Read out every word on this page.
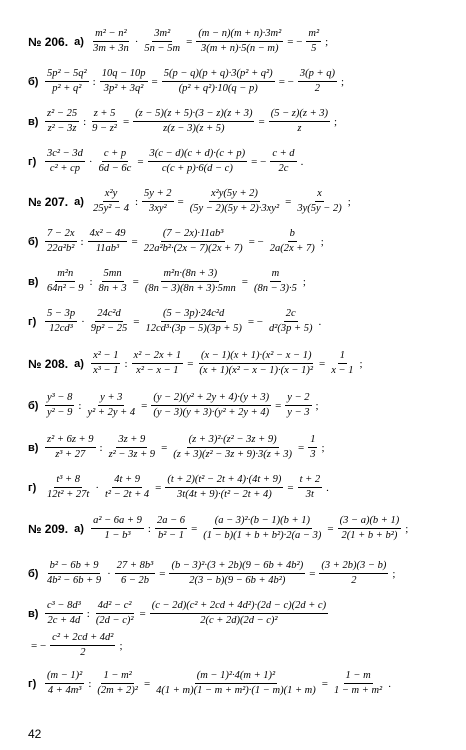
№ 206. $а) \frac{\text{m² − n²}}{3m + 3n} \cdot \frac{\text{3m²}}{5n - 5m} = \frac{\text{(m − n)(m + n)·3m²}}{3(m + n)\cdot 5(n - m)}$ = − $\frac{\text{m²}}{5}$ ;
$б) \frac{\text{5p² − 5q²}}{\text{p² + q²}}$ : $\frac{10q - 10p}{\text{3p² + 3q²}} = \frac{\text{5(p − q)(p + q)·3(p² + q²)}}{\text{(p² + q²)·10(q − p)}}$ = − $\frac{3(p + q)}{2}$ ;
$в) \frac{\text{z² − 25}}{\text{z² − 3z}}$ : $\frac{z + 5}{\text{9 − z²}} = \frac{(z - 5)(z + 5)\cdot(3 - z)(z + 3)}{z(z - 3)(z + 5)} = \frac{(5 - z)(z + 3)}{z}$ ;
$г) \frac{\text{3c² − 3d}}{\text{c² + cp}} \cdot \frac{c + p}{6d - 6c} = \frac{3(c - d)(c + d)\cdot(c + p)}{c(c + p)\cdot 6(d - c)}$ = − $\frac{c + d}{2c}$ .
№ 207. $а) \frac{\text{x²y}}{\text{25y² − 4}}$ : $\frac{5y + 2}{\text{3xy²}} = \frac{\text{x²y(5y + 2)}}{\text{(5y − 2)(5y + 2)·3xy²}} = \frac{x}{3y(5y - 2)}$ ;
$б) \frac{7 - 2x}{\text{22a²b²}}$ : $\frac{\text{4x² − 49}}{\text{11ab³}} = \frac{\text{(7 − 2x)·11ab³}}{\text{22a²b²·(2x − 7)(2x + 7)}}$ = − $\frac{b}{2a(2x + 7)}$ ;
$в) \frac{\text{m²n}}{\text{64n² − 9}}$ : $\frac{5mn}{8n + 3} = \frac{\text{m²n·(8n + 3)}}{(8n - 3)(8n + 3)\cdot 5mn} = \frac{m}{(8n - 3)\cdot 5}$ ;
$г) \frac{5 - 3p}{\text{12cd³}} \cdot \frac{\text{24c²d}}{\text{9p² − 25}} = \frac{\text{(5 − 3p)·24c²d}}{\text{12cd³·(3p − 5)(3p + 5)}}$ = − $\frac{2c}{\text{d²(3p + 5)}}$ .
№ 208. $а) \frac{\text{x² − 1}}{\text{x³ − 1}}$ : $\frac{\text{x² − 2x + 1}}{\text{x² − x − 1}} = \frac{\text{(x − 1)(x + 1)·(x² − x − 1)}}{\text{(x + 1)(x² − x − 1)·(x − 1)²}} = \frac{1}{x - 1}$ ;
$б) \frac{\text{y³ − 8}}{\text{y² − 9}}$ : $\frac{y + 3}{\text{y² + 2y + 4}} = \frac{\text{(y − 2)(y² + 2y + 4)·(y + 3)}}{\text{(y − 3)(y + 3)·(y² + 2y + 4)}} = \frac{y - 2}{y - 3}$ ;
$в) \frac{\text{z² + 6z + 9}}{\text{z³ + 27}}$ : $\frac{3z + 9}{\text{z² − 3z + 9}} = \frac{\text{(z + 3)²·(z² − 3z + 9)}}{\text{(z + 3)(z² − 3z + 9)·3(z + 3)}} = \frac{1}{3}$ ;
$г) \frac{\text{t³ + 8}}{\text{12t² + 27t}} \cdot \frac{4t + 9}{\text{t² − 2t + 4}} = \frac{\text{(t + 2)(t² − 2t + 4)·(4t + 9)}}{\text{3t(4t + 9)·(t² − 2t + 4)}} = \frac{t + 2}{3t}$ .
№ 209. $а) \frac{\text{a² − 6a + 9}}{\text{1 − b³}}$ : $\frac{2a - 6}{\text{b² − 1}} = \frac{\text{(a − 3)²·(b − 1)(b + 1)}}{\text{(1 − b)(1 + b + b²)·2(a − 3)}} = \frac{(3 - a)(b + 1)}{\text{2(1 + b + b²)}}$ ;
$б) \frac{\text{b² − 6b + 9}}{\text{4b² − 6b + 9}} \cdot \frac{\text{27 + 8b³}}{6 - 2b} = \frac{\text{(b − 3)²·(3 + 2b)(9 − 6b + 4b²)}}{\text{2(3 − b)(9 − 6b + 4b²)}} = \frac{(3 + 2b)(3 - b)}{2}$ ;
$в) \frac{\text{c³ − 8d³}}{2c + 4d}$ : $\frac{\text{4d² − c²}}{\text{(2d − c)²}} = \frac{\text{(c − 2d)(c² + 2cd + 4d²)·(2d − c)(2d + c)}}{\text{2(c + 2d)(2d − c)²}}$
= − $\frac{\text{c² + 2cd + 4d²}}{2}$ ;
$г) \frac{\text{(m − 1)²}}{\text{4 + 4m³}}$ : $\frac{\text{1 − m²}}{\text{(2m + 2)²}} = \frac{\text{(m − 1)²·4(m + 1)²}}{\text{4(1 + m)(1 − m + m²)·(1 − m)(1 + m)}} = \frac{1 - m}{\text{1 − m + m²}}$ .
42
